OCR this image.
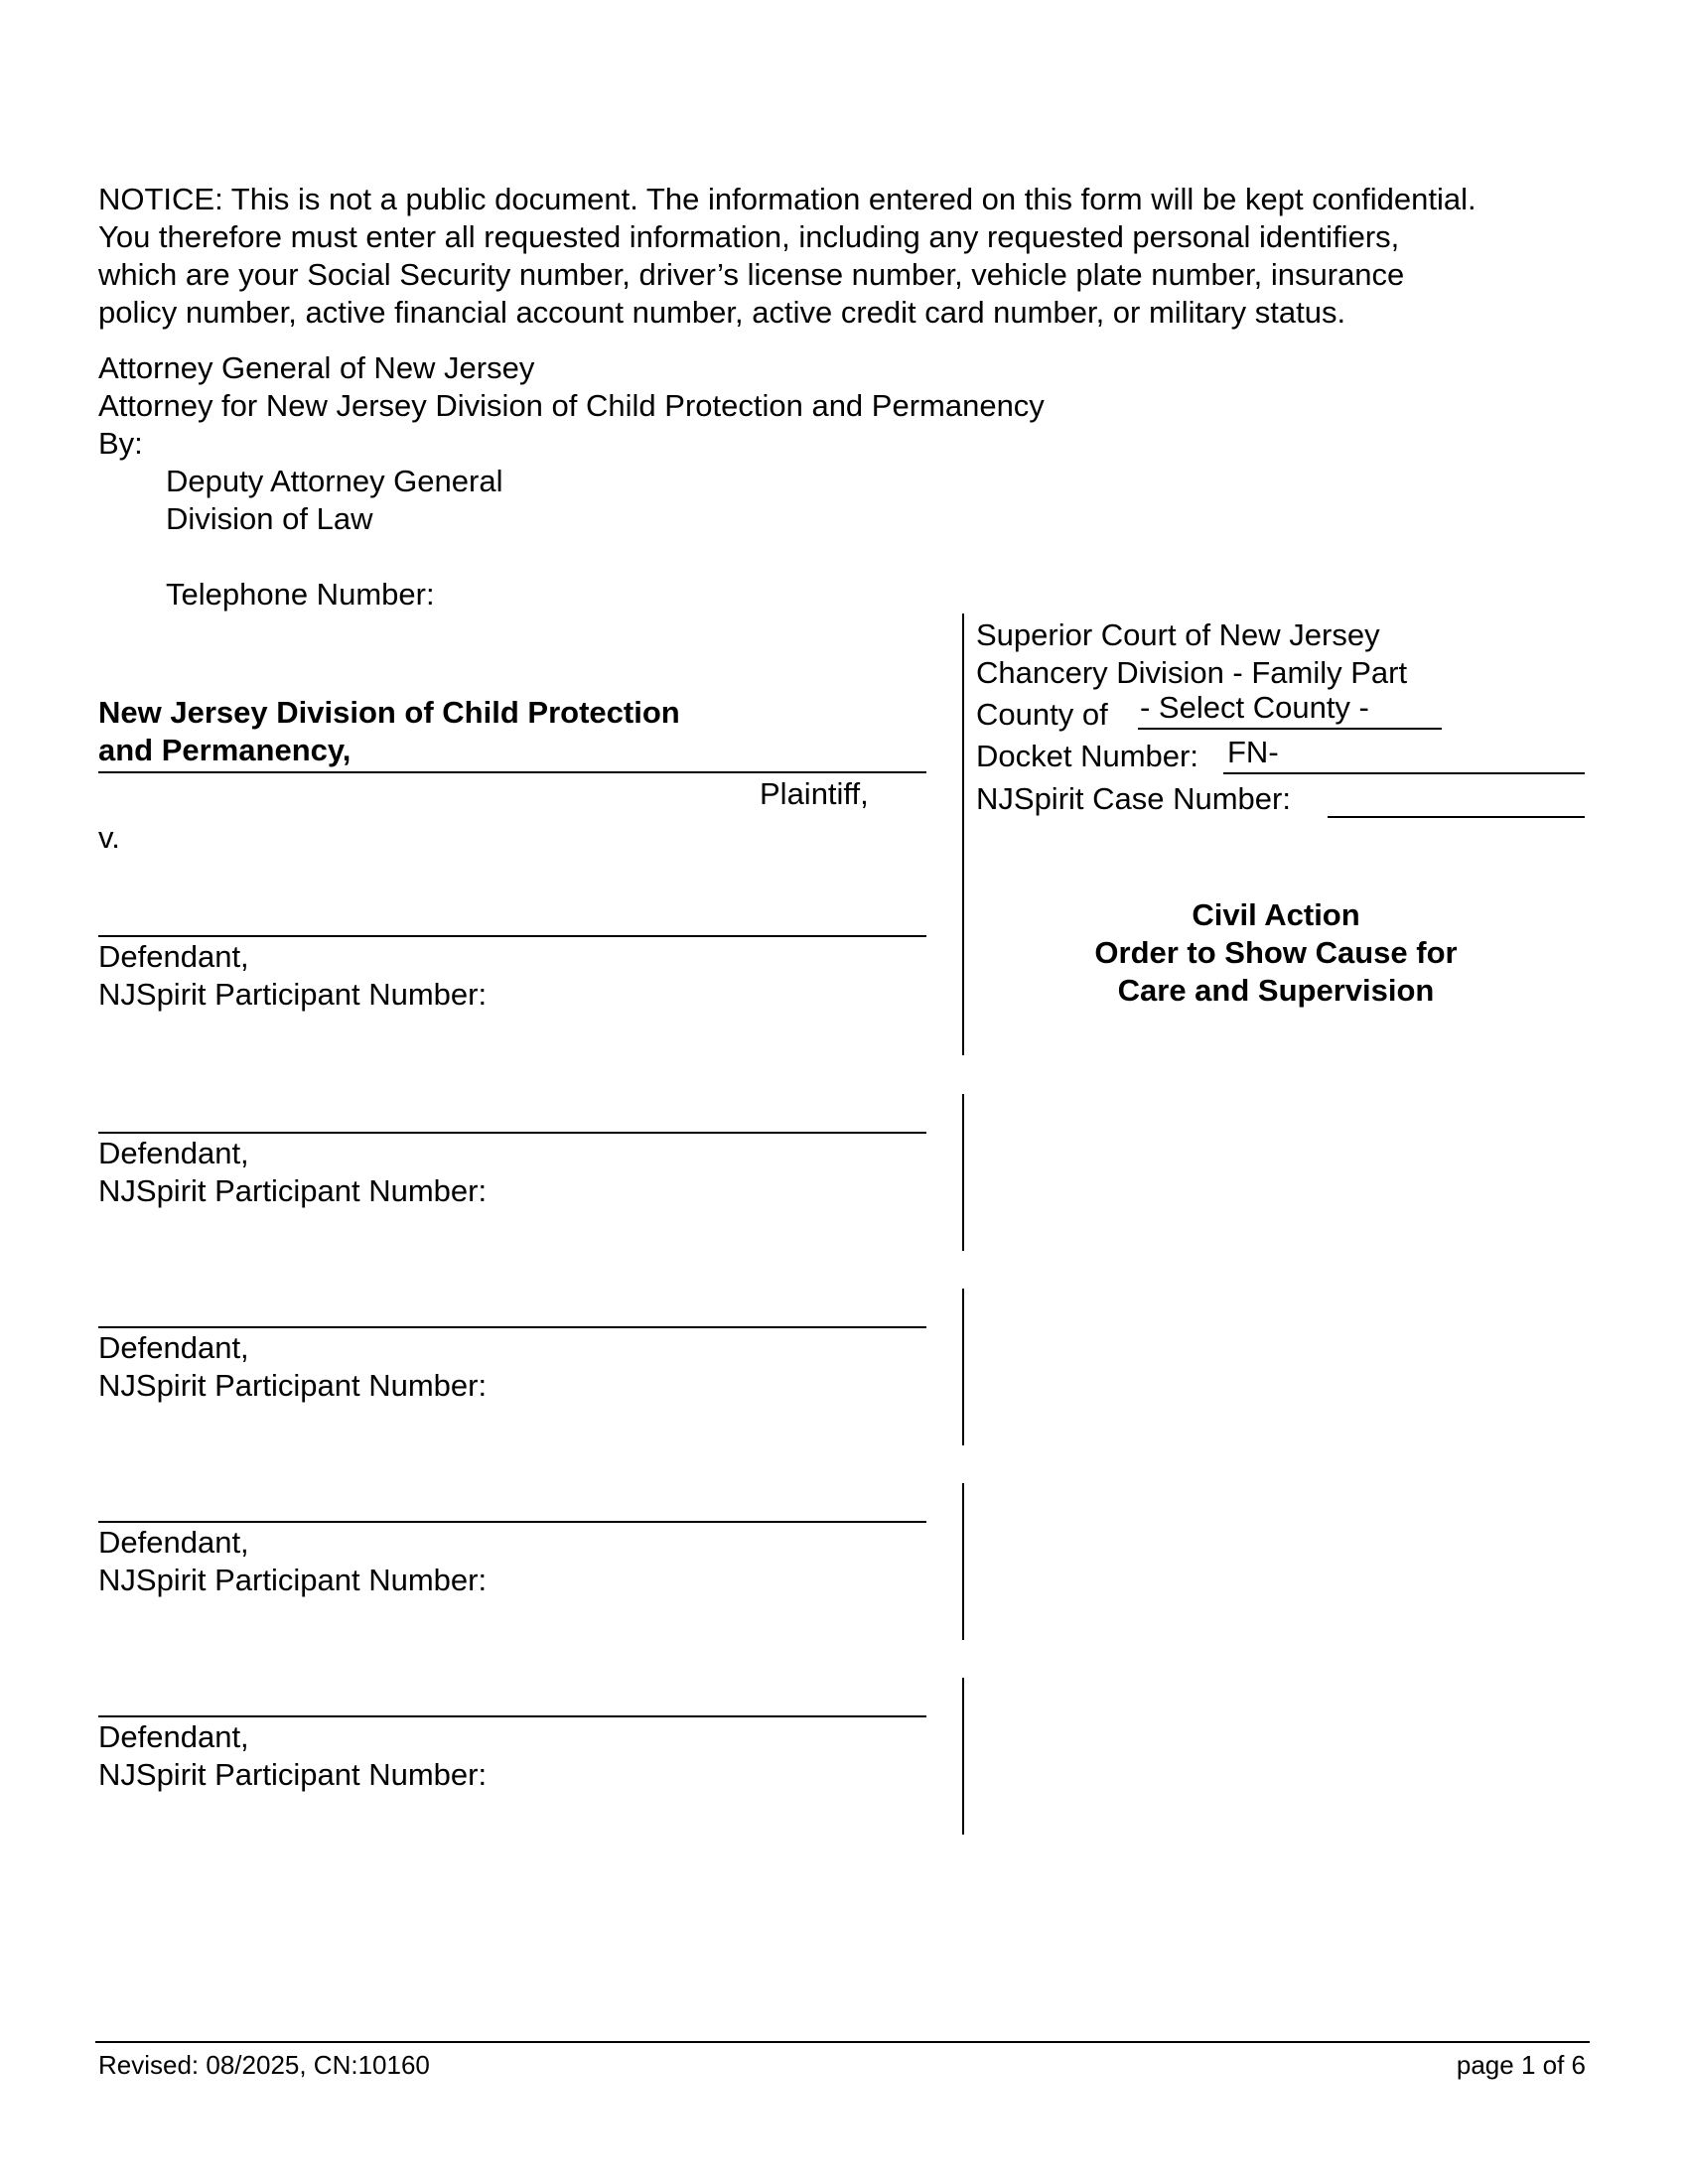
NOTICE: This is not a public document. The information entered on this form will be kept confidential.
You therefore must enter all requested information, including any requested personal identifiers,
which are your Social Security number, driver’s license number, vehicle plate number, insurance
policy number, active financial account number, active credit card number, or military status.
Attorney General of New Jersey
Attorney for New Jersey Division of Child Protection and Permanency
By:
Deputy Attorney General
Division of Law
Telephone Number:
New Jersey Division of Child Protection
and Permanency,
Plaintiff,
v.
Defendant,
NJSpirit Participant Number:
Defendant,
NJSpirit Participant Number:
Defendant,
NJSpirit Participant Number:
Defendant,
NJSpirit Participant Number:
Defendant,
NJSpirit Participant Number:
Superior Court of New Jersey
Chancery Division - Family Part
County of - Select County -
Docket Number: FN-
NJSpirit Case Number:
Civil Action
Order to Show Cause for
Care and Supervision
Revised: 08/2025, CN:10160	page 1 of 6
